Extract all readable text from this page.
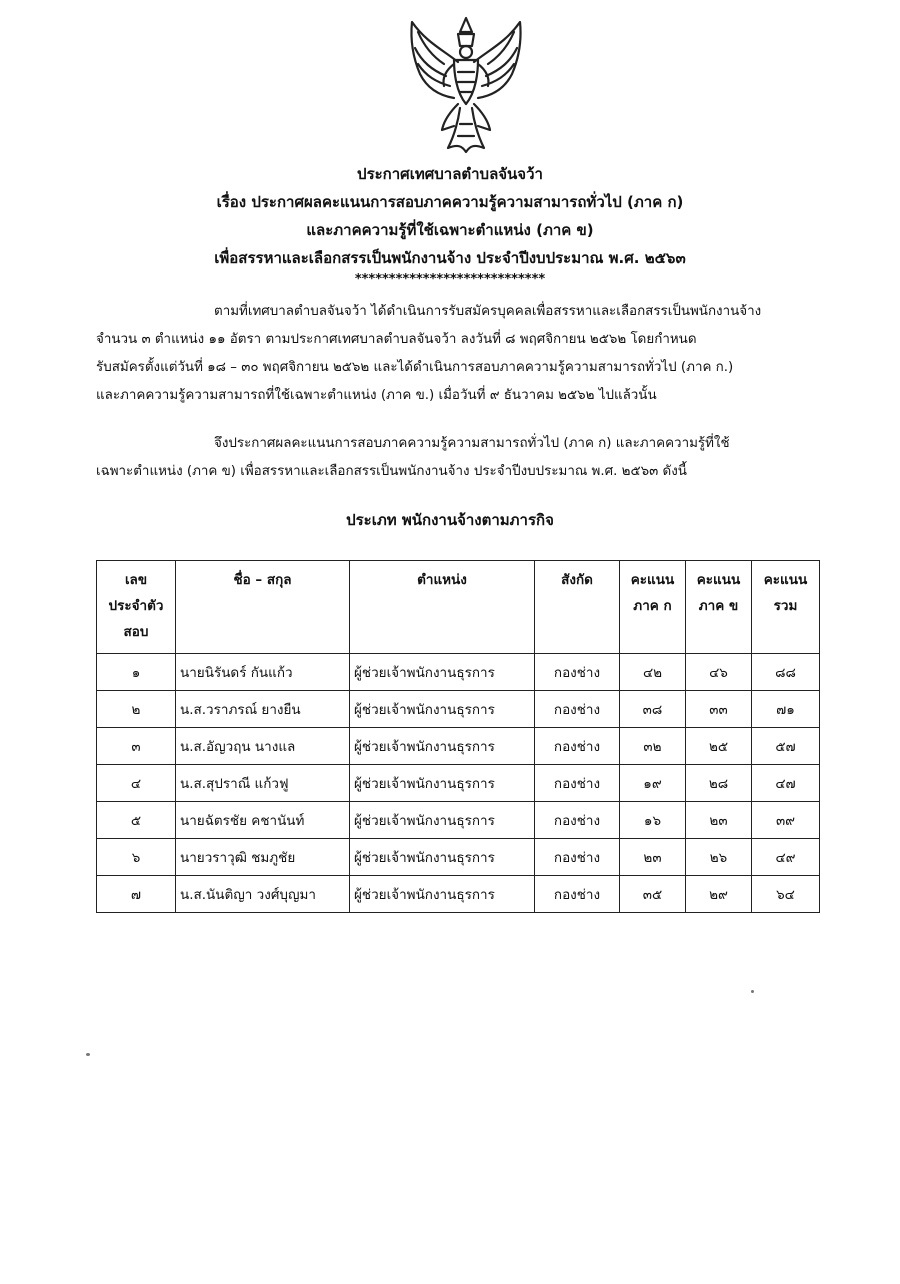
ประกาศเทศบาลตำบลจันจว้า
เรื่อง ประกาศผลคะแนนการสอบภาคความรู้ความสามารถทั่วไป (ภาค ก)
และภาคความรู้ที่ใช้เฉพาะตำแหน่ง (ภาค ข)
เพื่อสรรหาและเลือกสรรเป็นพนักงานจ้าง ประจำปีงบประมาณ พ.ศ. ๒๕๖๓
****************************
ตามที่เทศบาลตำบลจันจว้า ได้ดำเนินการรับสมัครบุคคลเพื่อสรรหาและเลือกสรรเป็นพนักงานจ้าง
จำนวน ๓ ตำแหน่ง ๑๑ อัตรา ตามประกาศเทศบาลตำบลจันจว้า ลงวันที่ ๘ พฤศจิกายน ๒๕๖๒ โดยกำหนด
รับสมัครตั้งแต่วันที่ ๑๘ – ๓๐ พฤศจิกายน ๒๕๖๒ และได้ดำเนินการสอบภาคความรู้ความสามารถทั่วไป (ภาค ก.)
และภาคความรู้ความสามารถที่ใช้เฉพาะตำแหน่ง (ภาค ข.) เมื่อวันที่ ๙ ธันวาคม ๒๕๖๒ ไปแล้วนั้น
จึงประกาศผลคะแนนการสอบภาคความรู้ความสามารถทั่วไป (ภาค ก) และภาคความรู้ที่ใช้
เฉพาะตำแหน่ง (ภาค ข) เพื่อสรรหาและเลือกสรรเป็นพนักงานจ้าง ประจำปีงบประมาณ พ.ศ. ๒๕๖๓ ดังนี้
ประเภท พนักงานจ้างตามภารกิจ
เลข
ประจำตัว
สอบ	ชื่อ – สกุล	ตำแหน่ง	สังกัด	คะแนน
ภาค ก	คะแนน
ภาค ข	คะแนน
รวม
๑	นายนิรันดร์ กันแก้ว	ผู้ช่วยเจ้าพนักงานธุรการ	กองช่าง	๔๒	๔๖	๘๘
๒	น.ส.วราภรณ์ ยางยืน	ผู้ช่วยเจ้าพนักงานธุรการ	กองช่าง	๓๘	๓๓	๗๑
๓	น.ส.อัญวฤน นางแล	ผู้ช่วยเจ้าพนักงานธุรการ	กองช่าง	๓๒	๒๕	๕๗
๔	น.ส.สุปราณี แก้วฟู	ผู้ช่วยเจ้าพนักงานธุรการ	กองช่าง	๑๙	๒๘	๔๗
๕	นายฉัตรชัย คชานันท์	ผู้ช่วยเจ้าพนักงานธุรการ	กองช่าง	๑๖	๒๓	๓๙
๖	นายวราวุฒิ ชมภูชัย	ผู้ช่วยเจ้าพนักงานธุรการ	กองช่าง	๒๓	๒๖	๔๙
๗	น.ส.นันติญา วงศ์บุญมา	ผู้ช่วยเจ้าพนักงานธุรการ	กองช่าง	๓๕	๒๙	๖๔
